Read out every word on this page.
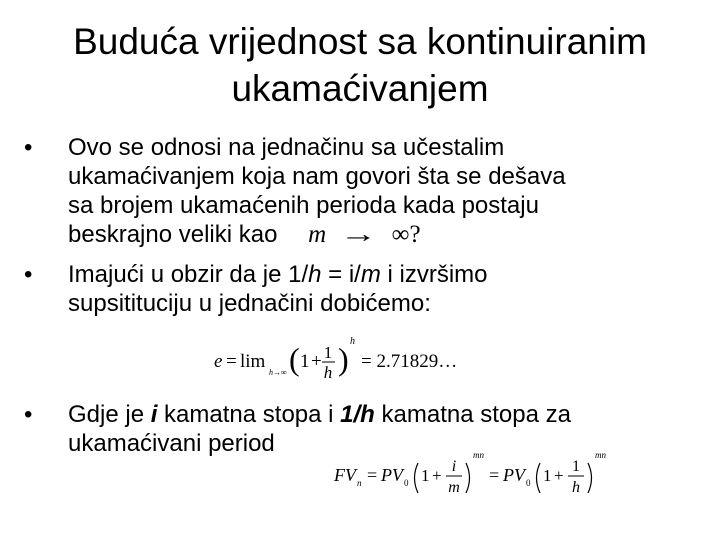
Buduća vrijednost sa kontinuiranim
ukamaćivanjem
•	Ovo se odnosi na jednačinu sa učestalim
ukamaćivanjem koja nam govori šta se dešava
sa brojem ukamaćenih perioda kada postaju
beskrajno veliki kao m → ∞?
•	Imajući u obzir da je 1/h = i/m i izvršimo
supsitituciju u jednačini dobićemo:
e = lim
h→∞ ( 1 + 1
h ) h
= 2.71829…
•	Gdje je i kamatna stopa i 1/h kamatna stopa za
ukamaćivani period
FV n = PV 0 1 + i
m
mn
= PV 0 1 + 1
h
mn
